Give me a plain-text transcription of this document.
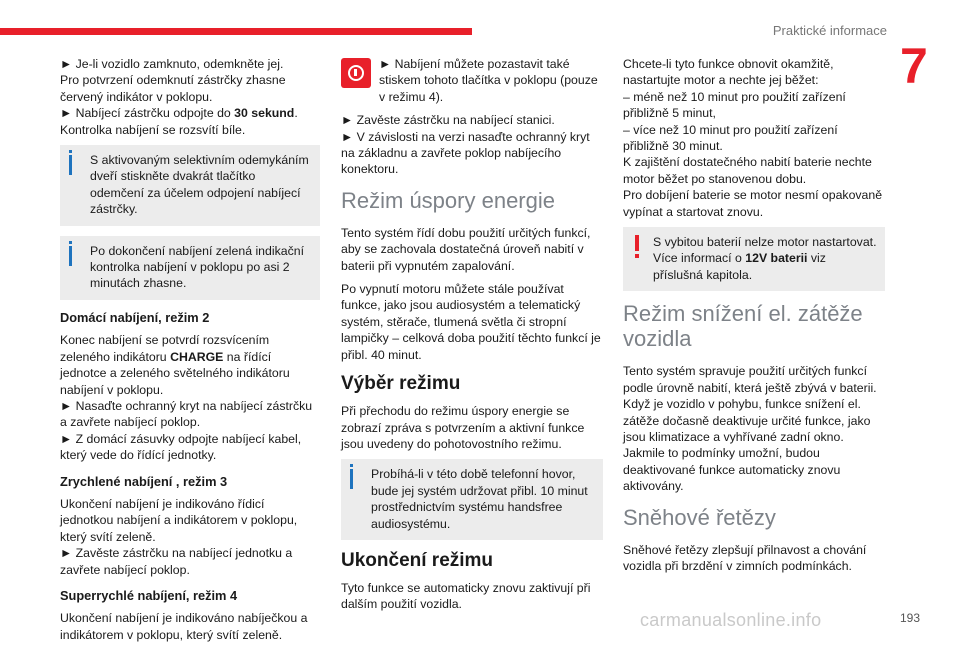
Praktické informace
7

► Je-li vozidlo zamknuto, odemkněte jej.
Pro potvrzení odemknutí zástrčky zhasne červený indikátor v poklopu.
► Nabíjecí zástrčku odpojte do 30 sekund.
Kontrolka nabíjení se rozsvítí bíle.

S aktivovaným selektivním odemykáním dveří stiskněte dvakrát tlačítko odemčení za účelem odpojení nabíjecí zástrčky.
Po dokončení nabíjení zelená indikační kontrolka nabíjení v poklopu po asi 2 minutách zhasne.
Domácí nabíjení, režim 2

Konec nabíjení se potvrdí rozsvícením zeleného indikátoru CHARGE na řídící jednotce a zeleného světelného indikátoru nabíjení v poklopu.
► Nasaďte ochranný kryt na nabíjecí zástrčku a zavřete nabíjecí poklop.
► Z domácí zásuvky odpojte nabíjecí kabel, který vede do řídící jednotky.

Zrychlené nabíjení , režim 3

Ukončení nabíjení je indikováno řídicí jednotkou nabíjení a indikátorem v poklopu, který svítí zeleně.
► Zavěste zástrčku na nabíjecí jednotku a zavřete nabíjecí poklop.

Superrychlé nabíjení, režim 4

Ukončení nabíjení je indikováno nabíječkou a indikátorem v poklopu, který svítí zeleně.

► Nabíjení můžete pozastavit také stiskem tohoto tlačítka v poklopu (pouze v režimu 4).

► Zavěste zástrčku na nabíjecí stanici.
► V závislosti na verzi nasaďte ochranný kryt na základnu a zavřete poklop nabíjecího konektoru.

Režim úspory energie

Tento systém řídí dobu použití určitých funkcí, aby se zachovala dostatečná úroveň nabití v baterii při vypnutém zapalování.

Po vypnutí motoru můžete stále používat funkce, jako jsou audiosystém a telematický systém, stěrače, tlumená světla či stropní lampičky – celková doba použití těchto funkcí je přibl. 40 minut.

Výběr režimu

Při přechodu do režimu úspory energie se zobrazí zpráva s potvrzením a aktivní funkce jsou uvedeny do pohotovostního režimu.

Probíhá-li v této době telefonní hovor, bude jej systém udržovat přibl. 10 minut prostřednictvím systému handsfree audiosystému.
Ukončení režimu

Tyto funkce se automaticky znovu zaktivují při dalším použití vozidla.

Chcete-li tyto funkce obnovit okamžitě, nastartujte motor a nechte jej běžet:
– méně než 10 minut pro použití zařízení přibližně 5 minut,
– více než 10 minut pro použití zařízení přibližně 30 minut.
K zajištění dostatečného nabití baterie nechte motor běžet po stanovenou dobu.
Pro dobíjení baterie se motor nesmí opakovaně vypínat a startovat znovu.

S vybitou baterií nelze motor nastartovat. Více informací o 12V baterii viz příslušná kapitola.
Režim snížení el. zátěže vozidla

Tento systém spravuje použití určitých funkcí podle úrovně nabití, která ještě zbývá v baterii. Když je vozidlo v pohybu, funkce snížení el. zátěže dočasně deaktivuje určité funkce, jako jsou klimatizace a vyhřívané zadní okno. Jakmile to podmínky umožní, budou deaktivované funkce automaticky znovu aktivovány.

Sněhové řetězy

Sněhové řetězy zlepšují přilnavost a chování vozidla při brzdění v zimních podmínkách.

carmanualsonline.info	193
